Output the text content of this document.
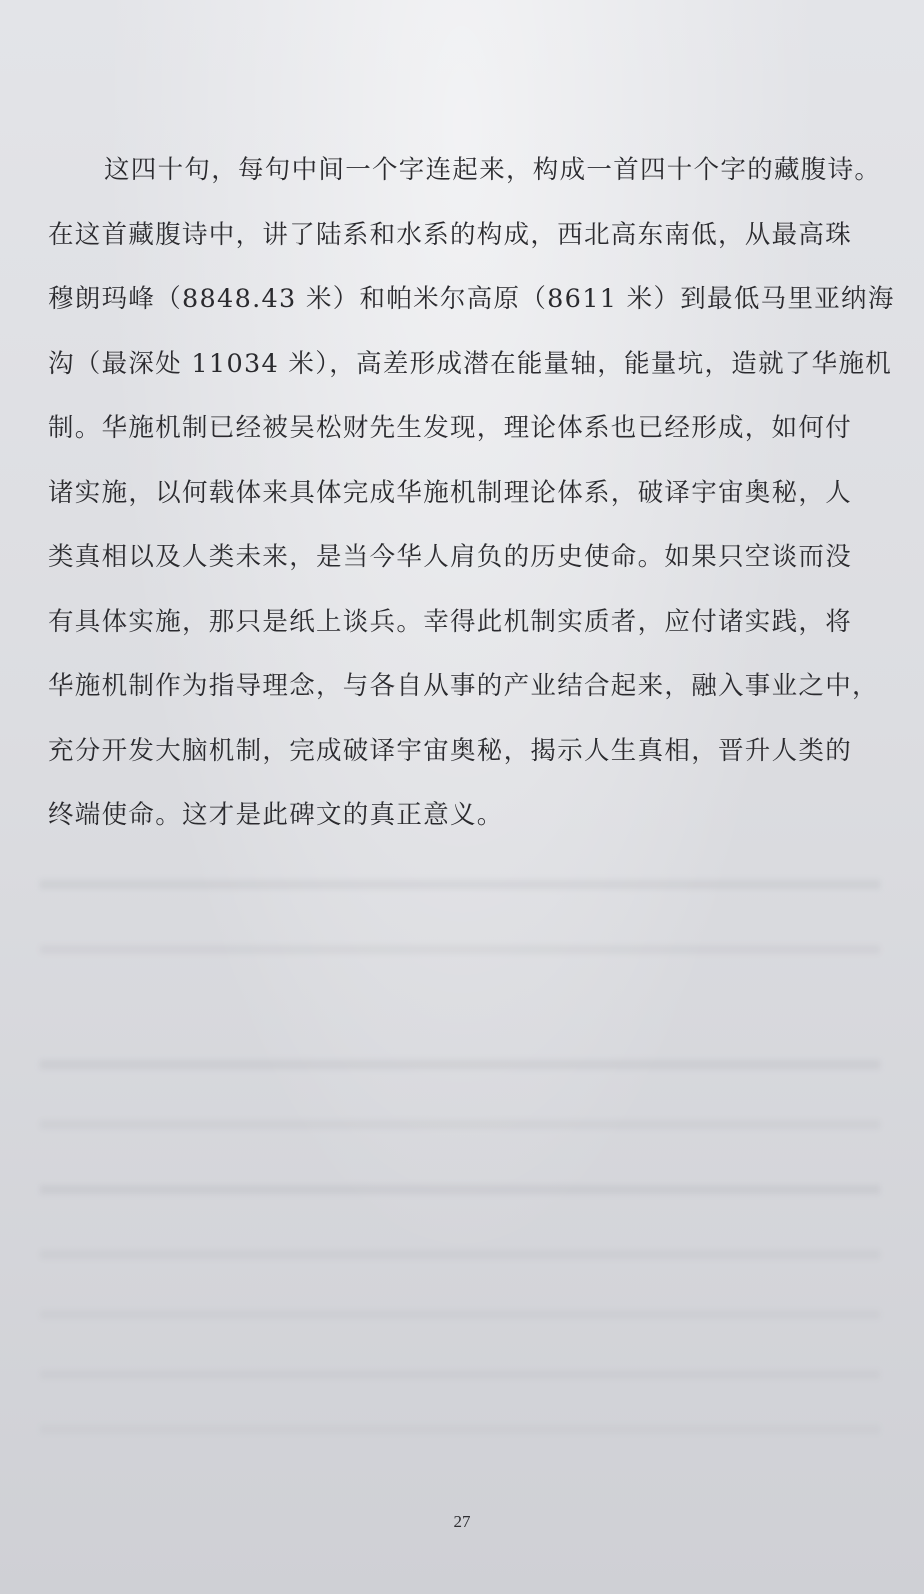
这四十句，每句中间一个字连起来，构成一首四十个字的藏腹诗。
在这首藏腹诗中，讲了陆系和水系的构成，西北高东南低，从最高珠
穆朗玛峰（8848.43 米）和帕米尔高原（8611 米）到最低马里亚纳海
沟（最深处 11034 米），高差形成潜在能量轴，能量坑，造就了华施机
制。华施机制已经被吴松财先生发现，理论体系也已经形成，如何付
诸实施，以何载体来具体完成华施机制理论体系，破译宇宙奥秘，人
类真相以及人类未来，是当今华人肩负的历史使命。如果只空谈而没
有具体实施，那只是纸上谈兵。幸得此机制实质者，应付诸实践，将
华施机制作为指导理念，与各自从事的产业结合起来，融入事业之中，
充分开发大脑机制，完成破译宇宙奥秘，揭示人生真相，晋升人类的
终端使命。这才是此碑文的真正意义。
27
